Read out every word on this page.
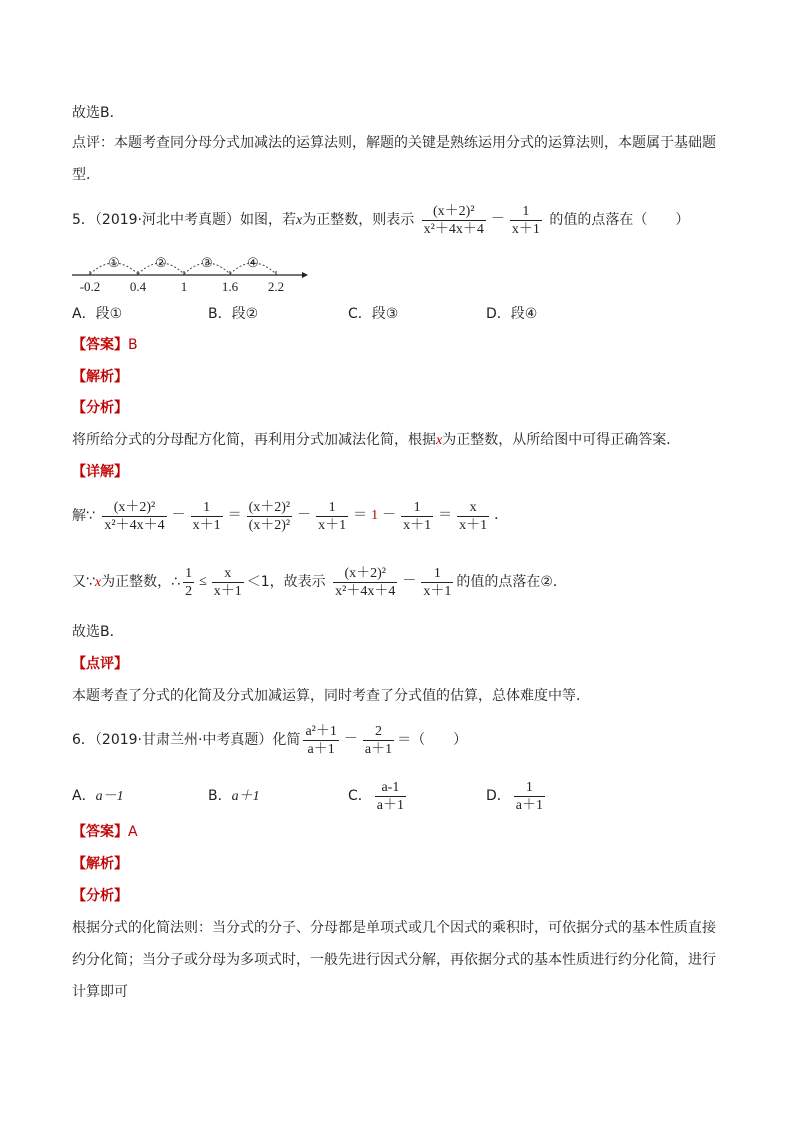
故选B．
点评：本题考查同分母分式加减法的运算法则，解题的关键是熟练运用分式的运算法则，本题属于基础题
型．
5．（2019·河北中考真题）如图，若x为正整数，则表示 $\frac{\text{(x＋2)²}}{\text{x²＋4x＋4}} - \frac{1}{x+1}$ 的值的点落在（　　）
①	②	③	④
-0.2 0.4	1	1.6 2.2
A．段①	B．段②	C．段③	D．段④
【答案】B
【解析】
【分析】
将所给分式的分母配方化简，再利用分式加减法化简，根据x为正整数，从所给图中可得正确答案．
【详解】
解∵ $\frac{\text{(x＋2)²}}{\text{x²＋4x＋4}} - \frac{1}{x+1} = \frac{\text{(x＋2)²}}{\text{(x＋2)²}} - \frac{1}{x+1} = 1 - \frac{1}{x+1} = \frac{x}{x+1}$ ．
又∵x为正整数，∴ $\frac{1}{2} \le \frac{x}{x+1} <1$，故表示 $\frac{\text{(x＋2)²}}{\text{x²＋4x＋4}} - \frac{1}{x+1}$ 的值的点落在②．
故选B．
【点评】
本题考查了分式的化简及分式加减运算，同时考查了分式值的估算，总体难度中等．
6．（2019·甘肃兰州·中考真题）化简 $\frac{\text{a²＋1}}{a+1} - \frac{2}{a+1}$ ＝（　　）
A．a－1	B．a＋1	C． $\frac{a-1}{a+1}$	D． $\frac{1}{a+1}$
【答案】A
【解析】
【分析】
根据分式的化简法则：当分式的分子、分母都是单项式或几个因式的乘积时，可依据分式的基本性质直接
约分化简；当分子或分母为多项式时，一般先进行因式分解，再依据分式的基本性质进行约分化简，进行
计算即可
